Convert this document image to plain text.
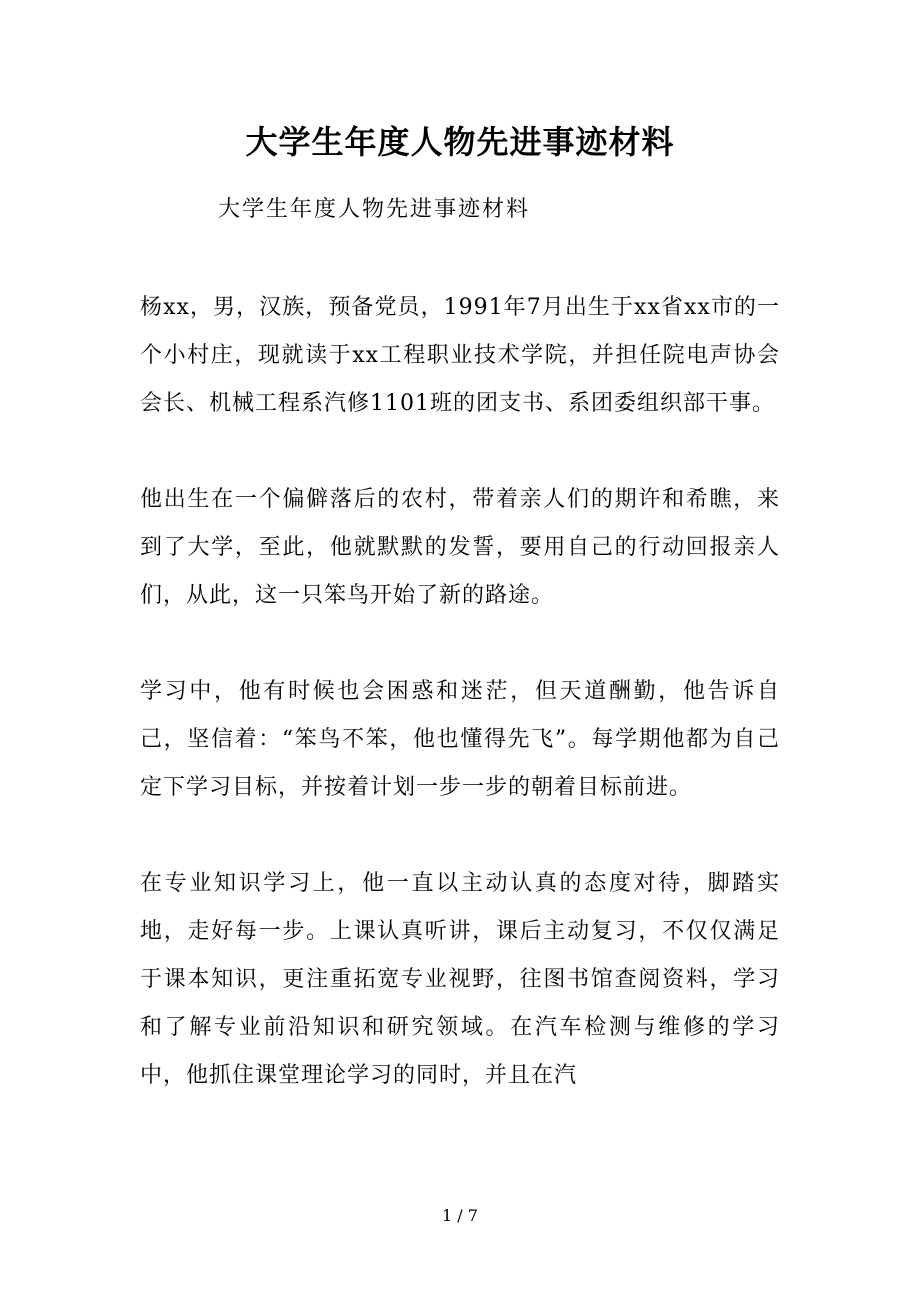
大学生年度人物先进事迹材料

大学生年度人物先进事迹材料

杨xx，男，汉族，预备党员，1991年7月出生于xx省xx市的一个小村庄，现就读于xx工程职业技术学院，并担任院电声协会会长、机械工程系汽修1101班的团支书、系团委组织部干事。

他出生在一个偏僻落后的农村，带着亲人们的期许和希瞧，来到了大学，至此，他就默默的发誓，要用自己的行动回报亲人们，从此，这一只笨鸟开始了新的路途。

学习中，他有时候也会困惑和迷茫，但天道酬勤，他告诉自己，坚信着：“笨鸟不笨，他也懂得先飞”。每学期他都为自己定下学习目标，并按着计划一步一步的朝着目标前进。

在专业知识学习上，他一直以主动认真的态度对待，脚踏实地，走好每一步。上课认真听讲，课后主动复习，不仅仅满足于课本知识，更注重拓宽专业视野，往图书馆查阅资料，学习和了解专业前沿知识和研究领域。在汽车检测与维修的学习中，他抓住课堂理论学习的同时，并且在汽

1 / 7
